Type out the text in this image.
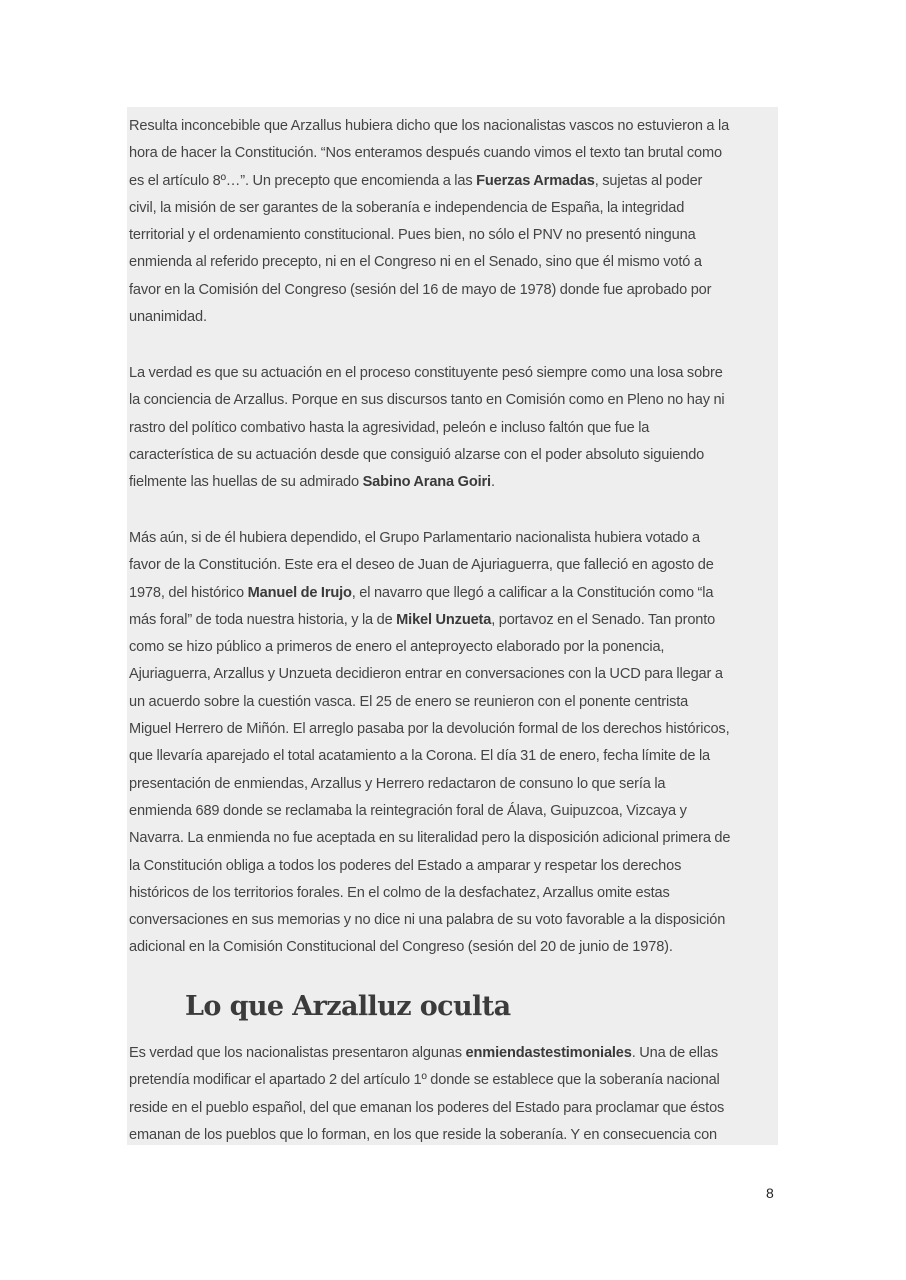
Resulta inconcebible que Arzallus hubiera dicho que los nacionalistas vascos no estuvieron a la
hora de hacer la Constitución. “Nos enteramos después cuando vimos el texto tan brutal como
es el artículo 8º…”. Un precepto que encomienda a las Fuerzas Armadas, sujetas al poder
civil, la misión de ser garantes de la soberanía e independencia de España, la integridad
territorial y el ordenamiento constitucional. Pues bien, no sólo el PNV no presentó ninguna
enmienda al referido precepto, ni en el Congreso ni en el Senado, sino que él mismo votó a
favor en la Comisión del Congreso (sesión del 16 de mayo de 1978) donde fue aprobado por
unanimidad.

La verdad es que su actuación en el proceso constituyente pesó siempre como una losa sobre
la conciencia de Arzallus. Porque en sus discursos tanto en Comisión como en Pleno no hay ni
rastro del político combativo hasta la agresividad, peleón e incluso faltón que fue la
característica de su actuación desde que consiguió alzarse con el poder absoluto siguiendo
fielmente las huellas de su admirado Sabino Arana Goiri.

Más aún, si de él hubiera dependido, el Grupo Parlamentario nacionalista hubiera votado a
favor de la Constitución. Este era el deseo de Juan de Ajuriaguerra, que falleció en agosto de
1978, del histórico Manuel de Irujo, el navarro que llegó a calificar a la Constitución como “la
más foral” de toda nuestra historia, y la de Mikel Unzueta, portavoz en el Senado. Tan pronto
como se hizo público a primeros de enero el anteproyecto elaborado por la ponencia,
Ajuriaguerra, Arzallus y Unzueta decidieron entrar en conversaciones con la UCD para llegar a
un acuerdo sobre la cuestión vasca. El 25 de enero se reunieron con el ponente centrista
Miguel Herrero de Miñón. El arreglo pasaba por la devolución formal de los derechos históricos,
que llevaría aparejado el total acatamiento a la Corona. El día 31 de enero, fecha límite de la
presentación de enmiendas, Arzallus y Herrero redactaron de consuno lo que sería la
enmienda 689 donde se reclamaba la reintegración foral de Álava, Guipuzcoa, Vizcaya y
Navarra. La enmienda no fue aceptada en su literalidad pero la disposición adicional primera de
la Constitución obliga a todos los poderes del Estado a amparar y respetar los derechos
históricos de los territorios forales. En el colmo de la desfachatez, Arzallus omite estas
conversaciones en sus memorias y no dice ni una palabra de su voto favorable a la disposición
adicional en la Comisión Constitucional del Congreso (sesión del 20 de junio de 1978).

Lo que Arzalluz oculta

Es verdad que los nacionalistas presentaron algunas enmiendastestimoniales. Una de ellas
pretendía modificar el apartado 2 del artículo 1º donde se establece que la soberanía nacional
reside en el pueblo español, del que emanan los poderes del Estado para proclamar que éstos
emanan de los pueblos que lo forman, en los que reside la soberanía. Y en consecuencia con

8
